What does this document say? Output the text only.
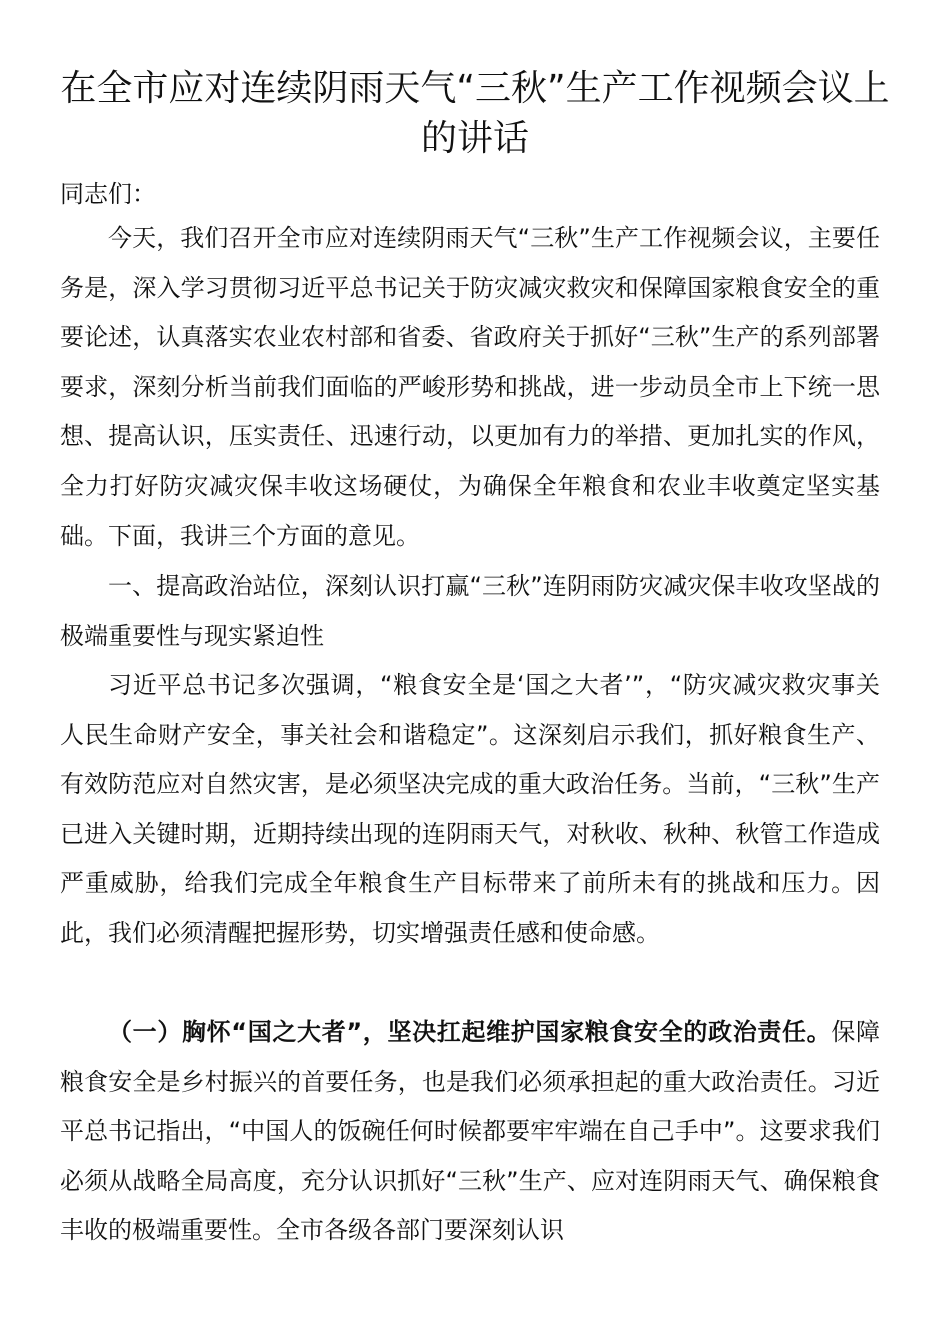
在全市应对连续阴雨天气“三秋”生产工作视频会议上的讲话

同志们：

今天，我们召开全市应对连续阴雨天气“三秋”生产工作视频会议，主要任务是，深入学习贯彻习近平总书记关于防灾减灾救灾和保障国家粮食安全的重要论述，认真落实农业农村部和省委、省政府关于抓好“三秋”生产的系列部署要求，深刻分析当前我们面临的严峻形势和挑战，进一步动员全市上下统一思想、提高认识，压实责任、迅速行动，以更加有力的举措、更加扎实的作风，全力打好防灾减灾保丰收这场硬仗，为确保全年粮食和农业丰收奠定坚实基础。下面，我讲三个方面的意见。

一、提高政治站位，深刻认识打赢“三秋”连阴雨防灾减灾保丰收攻坚战的极端重要性与现实紧迫性

习近平总书记多次强调，“粮食安全是‘国之大者’”，“防灾减灾救灾事关人民生命财产安全，事关社会和谐稳定”。这深刻启示我们，抓好粮食生产、有效防范应对自然灾害，是必须坚决完成的重大政治任务。当前，“三秋”生产已进入关键时期，近期持续出现的连阴雨天气，对秋收、秋种、秋管工作造成严重威胁，给我们完成全年粮食生产目标带来了前所未有的挑战和压力。因此，我们必须清醒把握形势，切实增强责任感和使命感。

（一）胸怀“国之大者”，坚决扛起维护国家粮食安全的政治责任。保障粮食安全是乡村振兴的首要任务，也是我们必须承担起的重大政治责任。习近平总书记指出，“中国人的饭碗任何时候都要牢牢端在自己手中”。这要求我们必须从战略全局高度，充分认识抓好“三秋”生产、应对连阴雨天气、确保粮食丰收的极端重要性。全市各级各部门要深刻认识
